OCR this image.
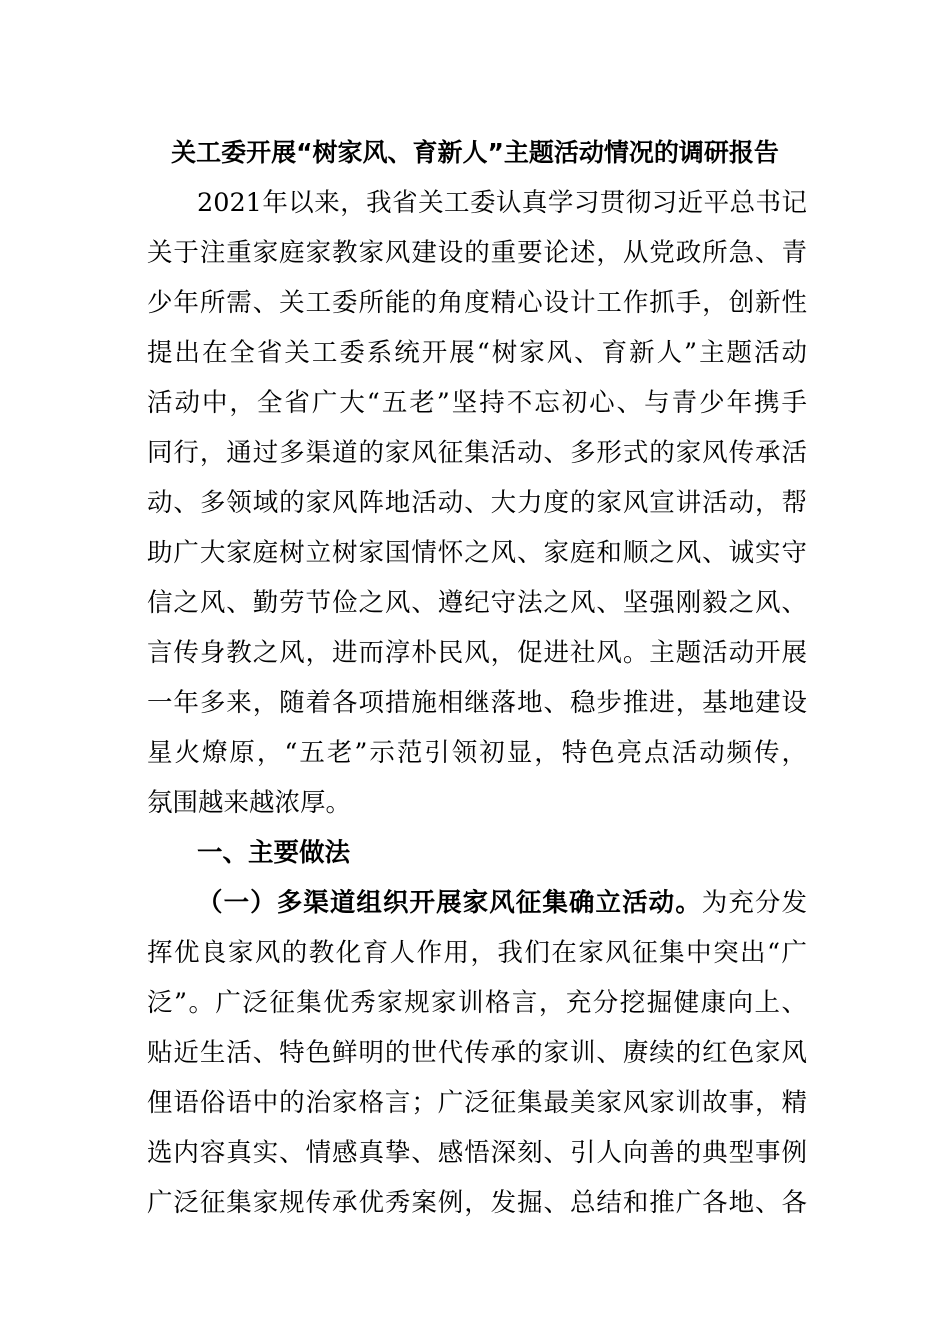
关工委开展“树家风、育新人”主题活动情况的调研报告

2021年以来，我省关工委认真学习贯彻习近平总书记

关于注重家庭家教家风建设的重要论述，从党政所急、青

少年所需、关工委所能的角度精心设计工作抓手，创新性

提出在全省关工委系统开展“树家风、育新人”主题活动

活动中，全省广大“五老”坚持不忘初心、与青少年携手

同行，通过多渠道的家风征集活动、多形式的家风传承活

动、多领域的家风阵地活动、大力度的家风宣讲活动，帮

助广大家庭树立树家国情怀之风、家庭和顺之风、诚实守

信之风、勤劳节俭之风、遵纪守法之风、坚强刚毅之风、

言传身教之风，进而淳朴民风，促进社风。主题活动开展

一年多来，随着各项措施相继落地、稳步推进，基地建设

星火燎原，“五老”示范引领初显，特色亮点活动频传，

氛围越来越浓厚。

一、主要做法

（一）多渠道组织开展家风征集确立活动。为充分发

挥优良家风的教化育人作用，我们在家风征集中突出“广

泛”。广泛征集优秀家规家训格言，充分挖掘健康向上、

贴近生活、特色鲜明的世代传承的家训、赓续的红色家风

俚语俗语中的治家格言；广泛征集最美家风家训故事，精

选内容真实、情感真挚、感悟深刻、引人向善的典型事例

广泛征集家规传承优秀案例，发掘、总结和推广各地、各
